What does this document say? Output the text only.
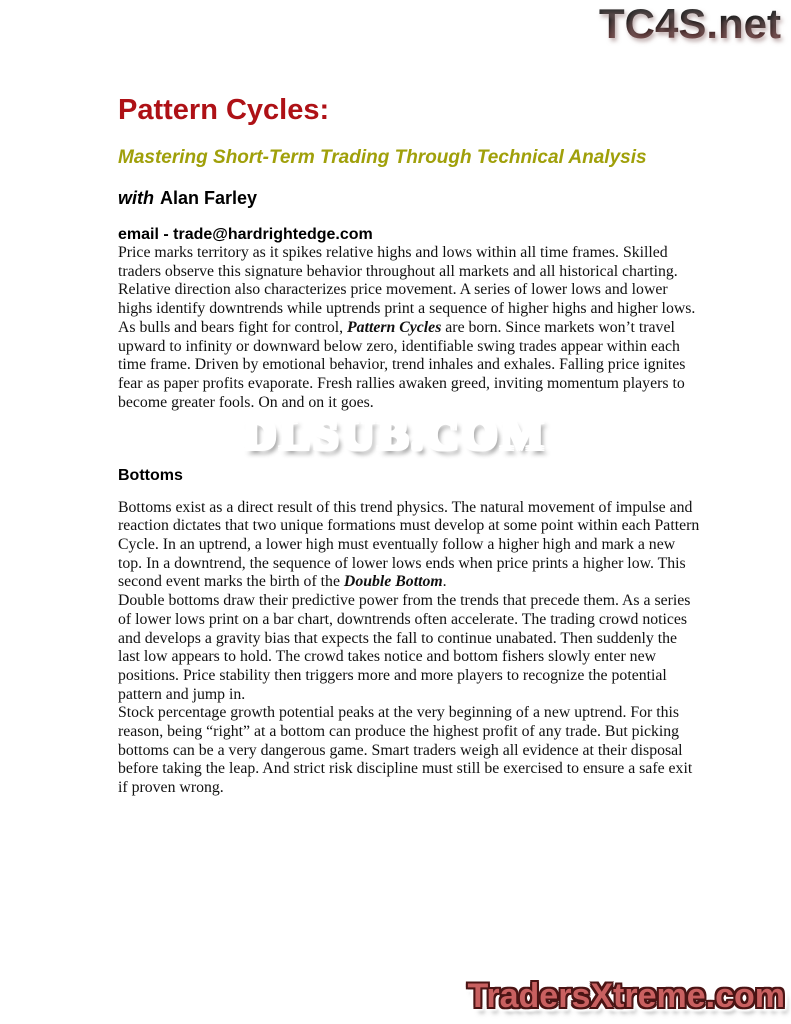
TC4S.net
Pattern Cycles:
Mastering Short-Term Trading Through Technical Analysis
with Alan Farley
email - trade@hardrightedge.com

Price marks territory as it spikes relative highs and lows within all time frames. Skilled traders observe this signature behavior throughout all markets and all historical charting. Relative direction also characterizes price movement. A series of lower lows and lower highs identify downtrends while uptrends print a sequence of higher highs and higher lows.

As bulls and bears fight for control, Pattern Cycles are born. Since markets won’t travel upward to infinity or downward below zero, identifiable swing trades appear within each time frame. Driven by emotional behavior, trend inhales and exhales. Falling price ignites fear as paper profits evaporate. Fresh rallies awaken greed, inviting momentum players to become greater fools. On and on it goes.

DLSUB.COM
Bottoms

Bottoms exist as a direct result of this trend physics. The natural movement of impulse and reaction dictates that two unique formations must develop at some point within each Pattern Cycle. In an uptrend, a lower high must eventually follow a higher high and mark a new top. In a downtrend, the sequence of lower lows ends when price prints a higher low. This second event marks the birth of the Double Bottom.

Double bottoms draw their predictive power from the trends that precede them. As a series of lower lows print on a bar chart, downtrends often accelerate. The trading crowd notices and develops a gravity bias that expects the fall to continue unabated. Then suddenly the last low appears to hold. The crowd takes notice and bottom fishers slowly enter new positions. Price stability then triggers more and more players to recognize the potential pattern and jump in.

Stock percentage growth potential peaks at the very beginning of a new uptrend. For this reason, being “right” at a bottom can produce the highest profit of any trade. But picking bottoms can be a very dangerous game. Smart traders weigh all evidence at their disposal before taking the leap. And strict risk discipline must still be exercised to ensure a safe exit if proven wrong.

TradersXtreme.com
